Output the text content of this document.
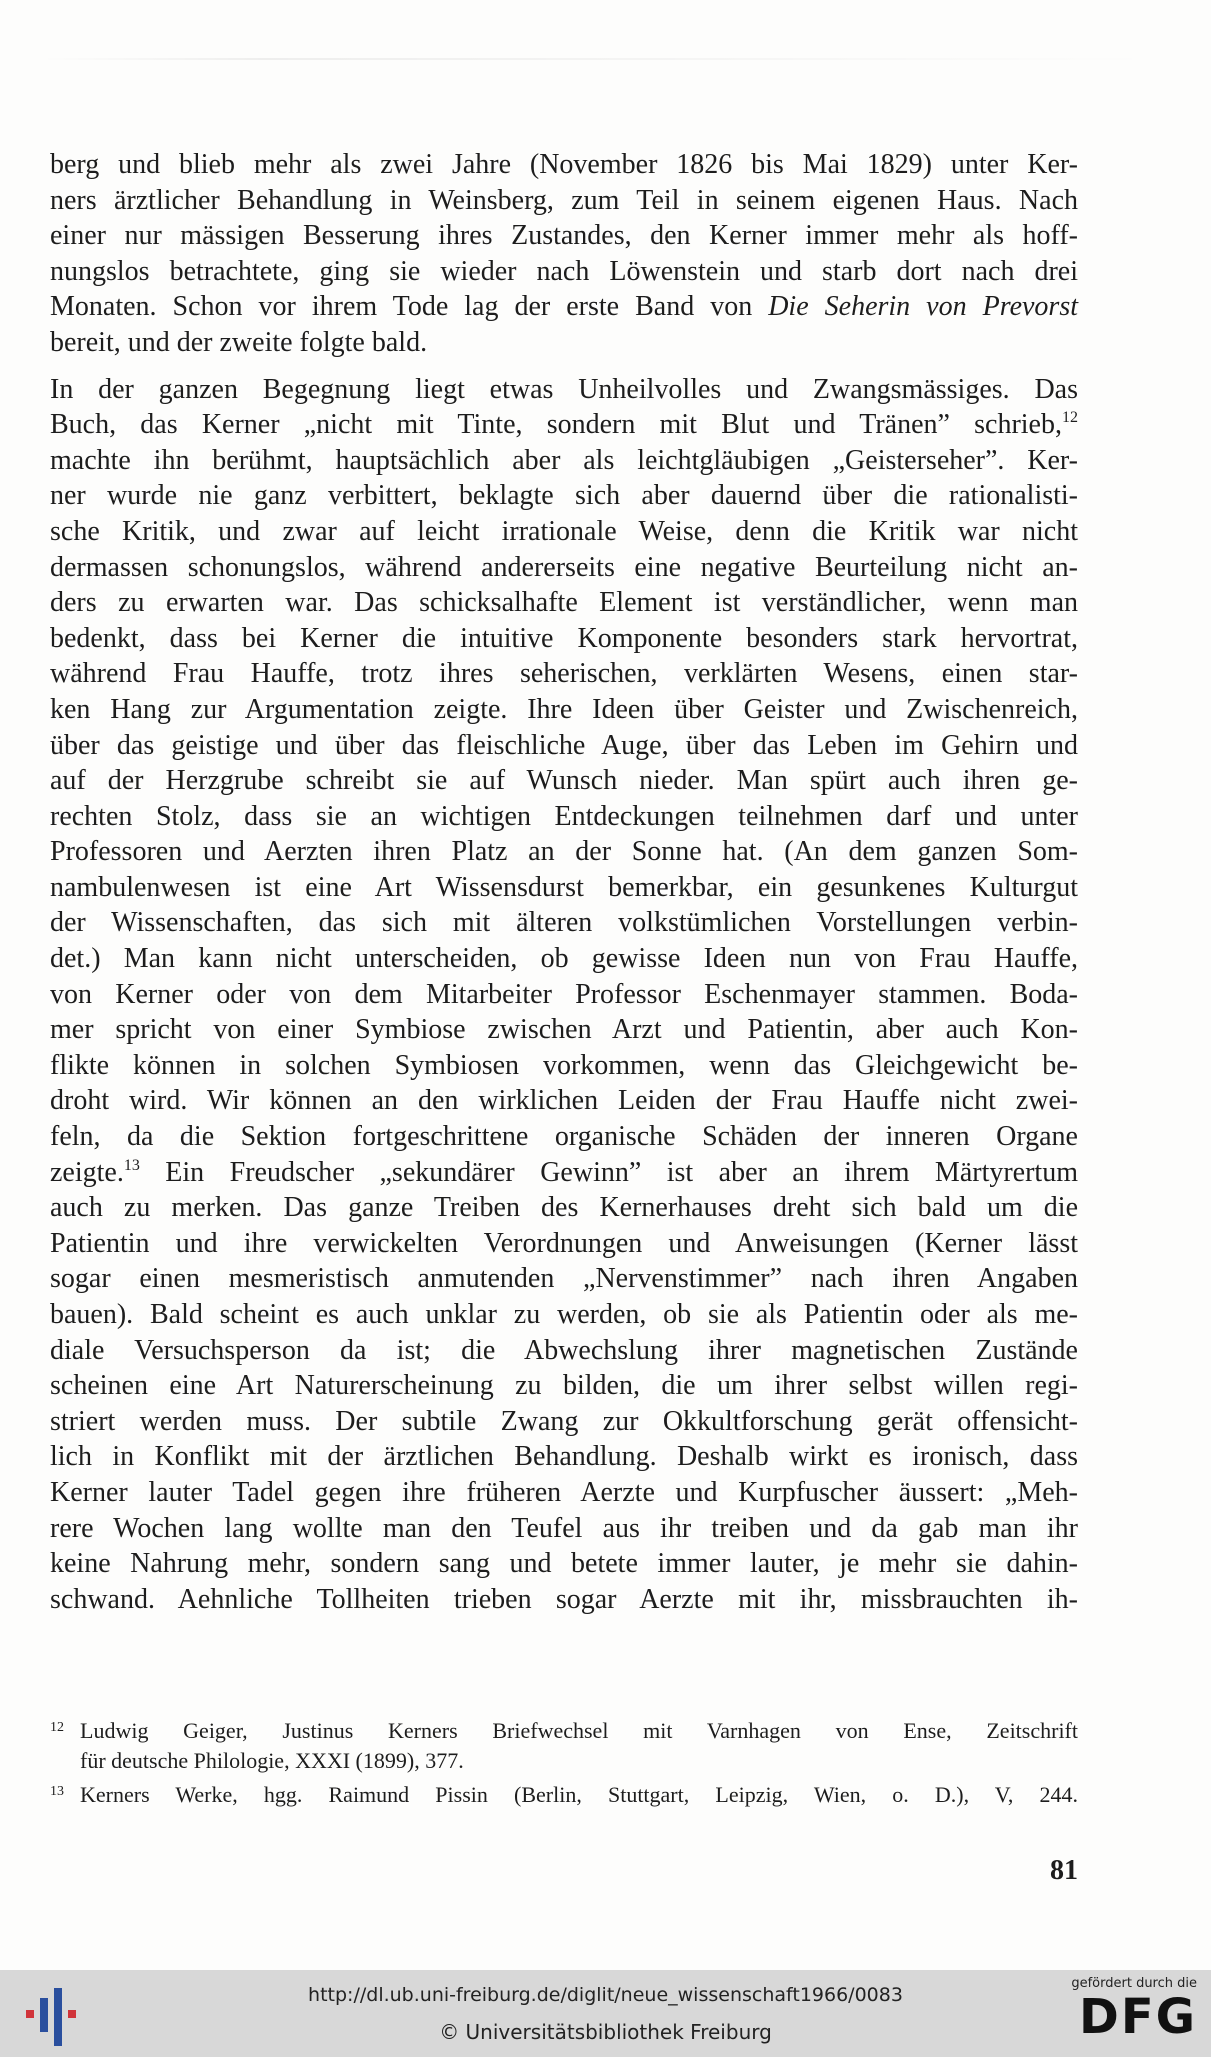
berg und blieb mehr als zwei Jahre (November 1826 bis Mai 1829) unter Ker-
ners ärztlicher Behandlung in Weinsberg, zum Teil in seinem eigenen Haus. Nach
einer nur mässigen Besserung ihres Zustandes, den Kerner immer mehr als hoff-
nungslos betrachtete, ging sie wieder nach Löwenstein und starb dort nach drei
Monaten. Schon vor ihrem Tode lag der erste Band von Die Seherin von Prevorst
bereit, und der zweite folgte bald.

In der ganzen Begegnung liegt etwas Unheilvolles und Zwangsmässiges. Das
Buch, das Kerner „nicht mit Tinte, sondern mit Blut und Tränen” schrieb,$^{12}$
machte ihn berühmt, hauptsächlich aber als leichtgläubigen „Geisterseher”. Ker-
ner wurde nie ganz verbittert, beklagte sich aber dauernd über die rationalisti-
sche Kritik, und zwar auf leicht irrationale Weise, denn die Kritik war nicht
dermassen schonungslos, während andererseits eine negative Beurteilung nicht an-
ders zu erwarten war. Das schicksalhafte Element ist verständlicher, wenn man
bedenkt, dass bei Kerner die intuitive Komponente besonders stark hervortrat,
während Frau Hauffe, trotz ihres seherischen, verklärten Wesens, einen star-
ken Hang zur Argumentation zeigte. Ihre Ideen über Geister und Zwischenreich,
über das geistige und über das fleischliche Auge, über das Leben im Gehirn und
auf der Herzgrube schreibt sie auf Wunsch nieder. Man spürt auch ihren ge-
rechten Stolz, dass sie an wichtigen Entdeckungen teilnehmen darf und unter
Professoren und Aerzten ihren Platz an der Sonne hat. (An dem ganzen Som-
nambulenwesen ist eine Art Wissensdurst bemerkbar, ein gesunkenes Kulturgut
der Wissenschaften, das sich mit älteren volkstümlichen Vorstellungen verbin-
det.) Man kann nicht unterscheiden, ob gewisse Ideen nun von Frau Hauffe,
von Kerner oder von dem Mitarbeiter Professor Eschenmayer stammen. Boda-
mer spricht von einer Symbiose zwischen Arzt und Patientin, aber auch Kon-
flikte können in solchen Symbiosen vorkommen, wenn das Gleichgewicht be-
droht wird. Wir können an den wirklichen Leiden der Frau Hauffe nicht zwei-
feln, da die Sektion fortgeschrittene organische Schäden der inneren Organe
zeigte.$^{13}$ Ein Freudscher „sekundärer Gewinn” ist aber an ihrem Märtyrertum
auch zu merken. Das ganze Treiben des Kernerhauses dreht sich bald um die
Patientin und ihre verwickelten Verordnungen und Anweisungen (Kerner lässt
sogar einen mesmeristisch anmutenden „Nervenstimmer” nach ihren Angaben
bauen). Bald scheint es auch unklar zu werden, ob sie als Patientin oder als me-
diale Versuchsperson da ist; die Abwechslung ihrer magnetischen Zustände
scheinen eine Art Naturerscheinung zu bilden, die um ihrer selbst willen regi-
striert werden muss. Der subtile Zwang zur Okkultforschung gerät offensicht-
lich in Konflikt mit der ärztlichen Behandlung. Deshalb wirkt es ironisch, dass
Kerner lauter Tadel gegen ihre früheren Aerzte und Kurpfuscher äussert: „Meh-
rere Wochen lang wollte man den Teufel aus ihr treiben und da gab man ihr
keine Nahrung mehr, sondern sang und betete immer lauter, je mehr sie dahin-
schwand. Aehnliche Tollheiten trieben sogar Aerzte mit ihr, missbrauchten ih-

12 Ludwig Geiger, Justinus Kerners Briefwechsel mit Varnhagen von Ense, Zeitschrift
für deutsche Philologie, XXXI (1899), 377.
13 Kerners Werke, hgg. Raimund Pissin (Berlin, Stuttgart, Leipzig, Wien, o. D.), V, 244.
81
http://dl.ub.uni-freiburg.de/diglit/neue_wissenschaft1966/0083
© Universitätsbibliothek Freiburg
gefördert durch die
DFG
